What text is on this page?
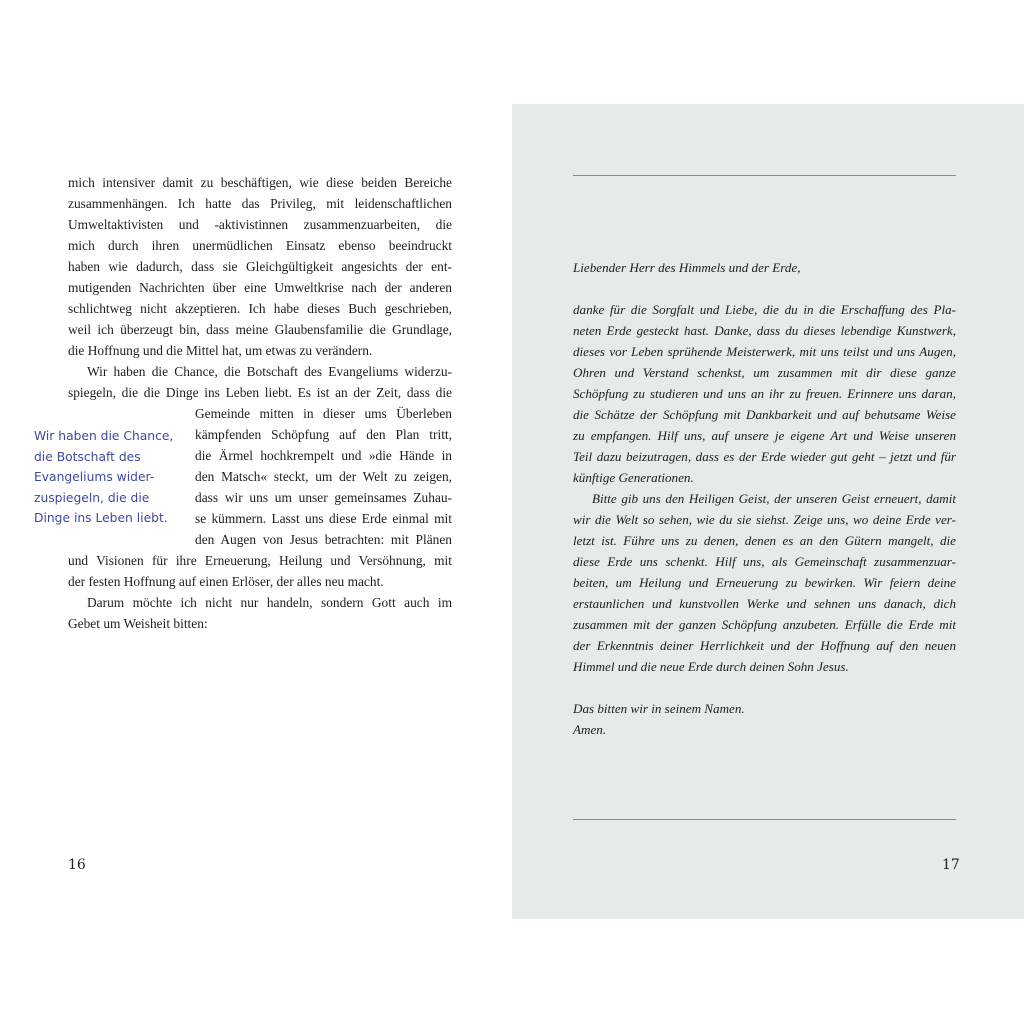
mich intensiver damit zu beschäftigen, wie diese beiden Bereiche
zusammenhängen. Ich hatte das Privileg, mit leidenschaftlichen
Umweltaktivisten und -aktivistinnen zusammenzuarbeiten, die
mich durch ihren unermüdlichen Einsatz ebenso beeindruckt
haben wie dadurch, dass sie Gleichgültigkeit angesichts der ent-
mutigenden Nachrichten über eine Umweltkrise nach der anderen
schlichtweg nicht akzeptieren. Ich habe dieses Buch geschrieben,
weil ich überzeugt bin, dass meine Glaubensfamilie die Grundlage,
die Hoffnung und die Mittel hat, um etwas zu verändern.
Wir haben die Chance, die Botschaft des Evangeliums widerzu-
spiegeln, die die Dinge ins Leben liebt. Es ist an der Zeit, dass die
Gemeinde mitten in dieser ums Überleben
kämpfenden Schöpfung auf den Plan tritt,
die Ärmel hochkrempelt und »die Hände in
den Matsch« steckt, um der Welt zu zeigen,
dass wir uns um unser gemeinsames Zuhau-
se kümmern. Lasst uns diese Erde einmal mit
den Augen von Jesus betrachten: mit Plänen
und Visionen für ihre Erneuerung, Heilung und Versöhnung, mit
der festen Hoffnung auf einen Erlöser, der alles neu macht.
Darum möchte ich nicht nur handeln, sondern Gott auch im
Gebet um Weisheit bitten:
Wir haben die Chance,
die Botschaft des
Evangeliums wider-
zuspiegeln, die die
Dinge ins Leben liebt.
16
Liebender Herr des Himmels und der Erde,
danke für die Sorgfalt und Liebe, die du in die Erschaffung des Pla-
neten Erde gesteckt hast. Danke, dass du dieses lebendige Kunstwerk,
dieses vor Leben sprühende Meisterwerk, mit uns teilst und uns Augen,
Ohren und Verstand schenkst, um zusammen mit dir diese ganze
Schöpfung zu studieren und uns an ihr zu freuen. Erinnere uns daran,
die Schätze der Schöpfung mit Dankbarkeit und auf behutsame Weise
zu empfangen. Hilf uns, auf unsere je eigene Art und Weise unseren
Teil dazu beizutragen, dass es der Erde wieder gut geht – jetzt und für
künftige Generationen.
Bitte gib uns den Heiligen Geist, der unseren Geist erneuert, damit
wir die Welt so sehen, wie du sie siehst. Zeige uns, wo deine Erde ver-
letzt ist. Führe uns zu denen, denen es an den Gütern mangelt, die
diese Erde uns schenkt. Hilf uns, als Gemeinschaft zusammenzuar-
beiten, um Heilung und Erneuerung zu bewirken. Wir feiern deine
erstaunlichen und kunstvollen Werke und sehnen uns danach, dich
zusammen mit der ganzen Schöpfung anzubeten. Erfülle die Erde mit
der Erkenntnis deiner Herrlichkeit und der Hoffnung auf den neuen
Himmel und die neue Erde durch deinen Sohn Jesus.
Das bitten wir in seinem Namen.
Amen.
17
